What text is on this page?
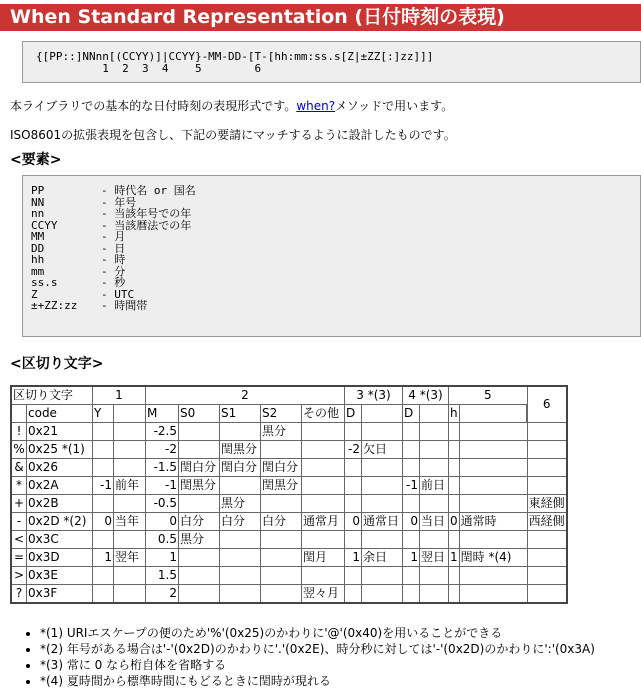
When Standard Representation (日付時刻の表現)
{[PP::]NNnn[(CCYY)]|CCYY}-MM-DD-[T-[hh:mm:ss.s[Z|±ZZ[:]zz]]]
1  2  3  4    5        6
本ライブラリでの基本的な日付時刻の表現形式です。when?メソッドで用います。
ISO8601の拡張表現を包含し、下記の要請にマッチするように設計したものです。
<要素>
PP	- 時代名 or 国名
NN	- 年号
nn	- 当該年号での年
CCYY	- 当該暦法での年
MM	- 月
DD	- 日
hh	- 時
mm	- 分
ss.s	- 秒
Z	- UTC
±+ZZ:zz - 時間帯
<区切り文字>
区切り文字		1		2					3 *(3)		4 *(3)		5		6
	code	Y		M	S0	S1	S2	その他	D		D		h		
!	0x21			-2.5			黒分								
%	0x25 *(1)			-2		閏黒分			-2	欠日					
&	0x26			-1.5	閏白分	閏白分	閏白分								
*	0x2A	-1	前年	-1	閏黒分		閏黒分				-1	前日			
+	0x2B			-0.5		黒分									東経側
-	0x2D *(2)	0	当年	0	白分	白分	白分	通常月	0	通常日	0	当日	0	通常時	西経側
<	0x3C			0.5	黒分										
=	0x3D	1	翌年	1				閏月	1	余日	1	翌日	1	閏時 *(4)	
>	0x3E			1.5											
?	0x3F			2				翌々月							
• *(1) URIエスケープの便のため'%'(0x25)のかわりに'@'(0x40)を用いることができる
• *(2) 年号がある場合は'-'(0x2D)のかわりに'.'(0x2E)、時分秒に対しては'-'(0x2D)のかわりに':'(0x3A)
• *(3) 常に 0 なら桁自体を省略する
• *(4) 夏時間から標準時間にもどるときに閏時が現れる
